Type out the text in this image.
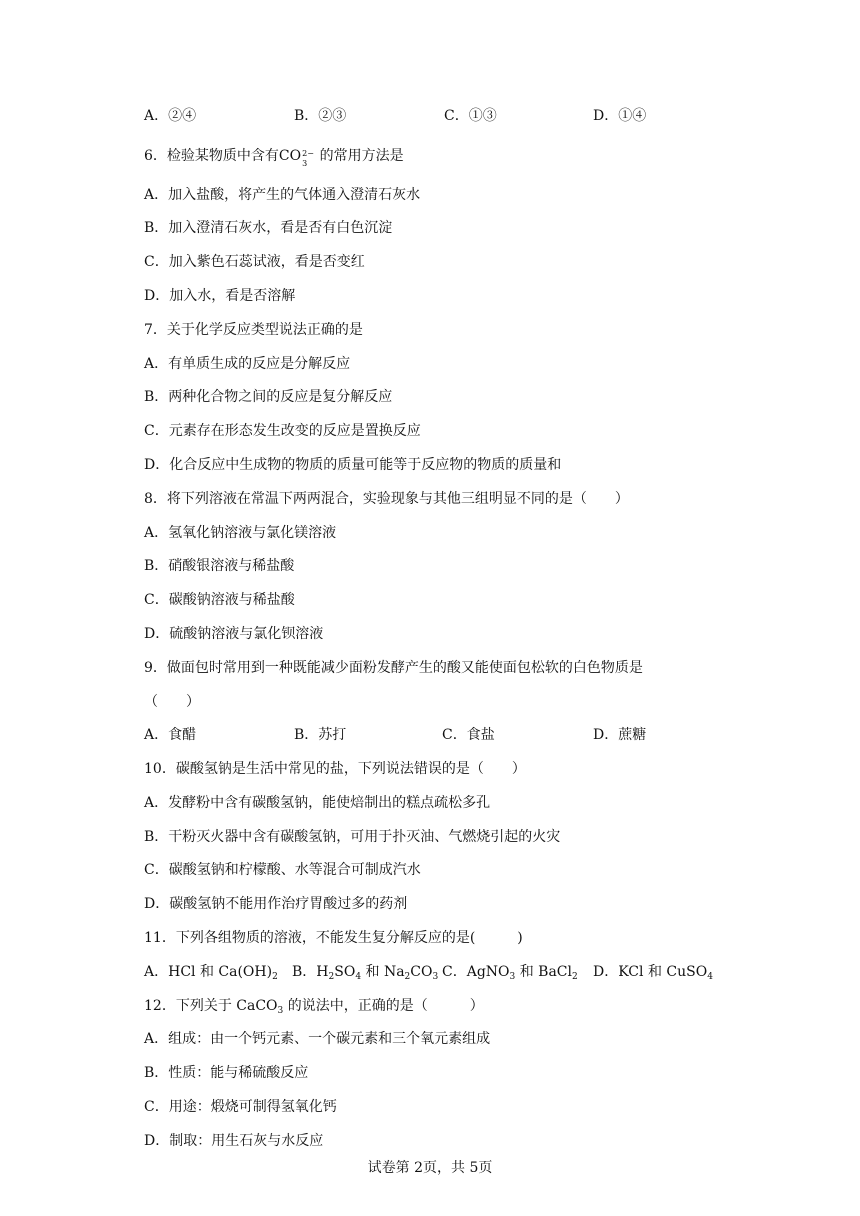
A．②④	B．②③	C．①③	D．①④
6．检验某物质中含有CO 2−
3 的常用方法是
A．加入盐酸，将产生的气体通入澄清石灰水
B．加入澄清石灰水，看是否有白色沉淀
C．加入紫色石蕊试液，看是否变红
D．加入水，看是否溶解
7．关于化学反应类型说法正确的是
A．有单质生成的反应是分解反应
B．两种化合物之间的反应是复分解反应
C．元素存在形态发生改变的反应是置换反应
D．化合反应中生成物的物质的质量可能等于反应物的物质的质量和
8．将下列溶液在常温下两两混合，实验现象与其他三组明显不同的是（　　）
A．氢氧化钠溶液与氯化镁溶液
B．硝酸银溶液与稀盐酸
C．碳酸钠溶液与稀盐酸
D．硫酸钠溶液与氯化钡溶液
9．做面包时常用到一种既能减少面粉发酵产生的酸又能使面包松软的白色物质是
（　　）
A．食醋	B．苏打	C．食盐	D．蔗糖
10．碳酸氢钠是生活中常见的盐，下列说法错误的是（　　）
A．发酵粉中含有碳酸氢钠，能使焙制出的糕点疏松多孔
B．干粉灭火器中含有碳酸氢钠，可用于扑灭油、气燃烧引起的火灾
C．碳酸氢钠和柠檬酸、水等混合可制成汽水
D．碳酸氢钠不能用作治疗胃酸过多的药剂
11．下列各组物质的溶液，不能发生复分解反应的是(　　　)
A．HCl 和 $Ca(OH)_2$ B．$H_2SO_4$ 和 $Na_2CO_3$ C．AgNO$_3$ 和 BaCl$_2$ D．KCl 和 CuSO$_4$
12．下列关于 CaCO$_3$ 的说法中，正确的是（　　　）
A．组成：由一个钙元素、一个碳元素和三个氧元素组成
B．性质：能与稀硫酸反应
C．用途：煅烧可制得氢氧化钙
D．制取：用生石灰与水反应
试卷第 2页，共 5页
